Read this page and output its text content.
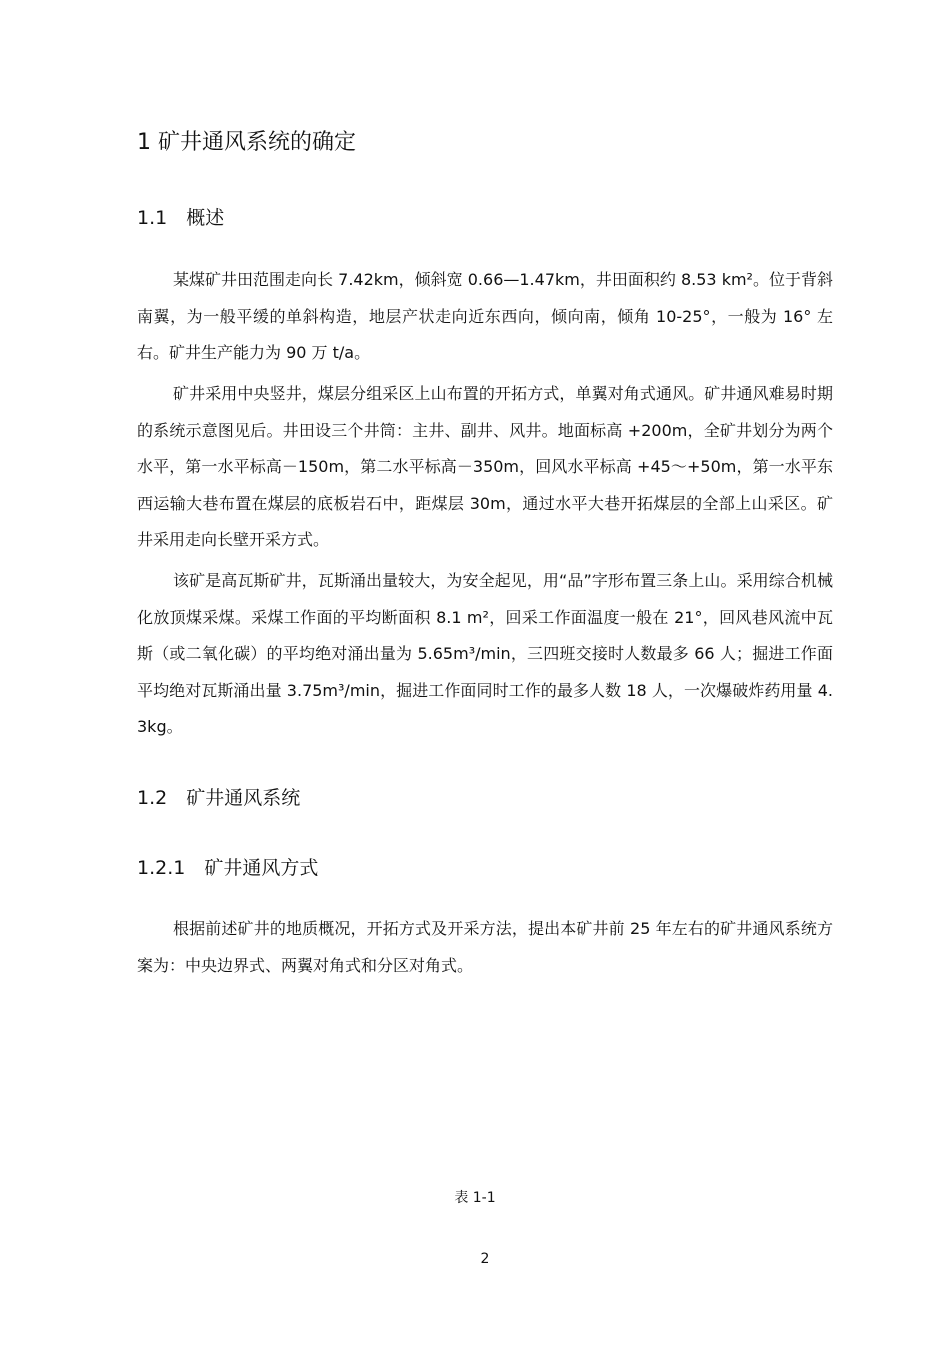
1 矿井通风系统的确定
1.1　概述

某煤矿井田范围走向长 7.42km，倾斜宽 0.66—1.47km，井田面积约 8.53 km²。位于背斜南翼，为一般平缓的单斜构造，地层产状走向近东西向，倾向南，倾角 10-25°，一般为 16° 左右。矿井生产能力为 90 万 t/a。

矿井采用中央竖井，煤层分组采区上山布置的开拓方式，单翼对角式通风。矿井通风难易时期的系统示意图见后。井田设三个井筒：主井、副井、风井。地面标高 +200m，全矿井划分为两个水平，第一水平标高－150m，第二水平标高－350m，回风水平标高 +45～+50m，第一水平东西运输大巷布置在煤层的底板岩石中，距煤层 30m，通过水平大巷开拓煤层的全部上山采区。矿井采用走向长壁开采方式。

该矿是高瓦斯矿井，瓦斯涌出量较大，为安全起见，用“品”字形布置三条上山。采用综合机械化放顶煤采煤。采煤工作面的平均断面积 8.1 m²，回采工作面温度一般在 21°，回风巷风流中瓦斯（或二氧化碳）的平均绝对涌出量为 5.65m³/min，三四班交接时人数最多 66 人；掘进工作面平均绝对瓦斯涌出量 3.75m³/min，掘进工作面同时工作的最多人数 18 人，一次爆破炸药用量 4.3kg。

1.2　矿井通风系统
1.2.1　矿井通风方式

根据前述矿井的地质概况，开拓方式及开采方法，提出本矿井前 25 年左右的矿井通风系统方案为：中央边界式、两翼对角式和分区对角式。

表 1-1

2
